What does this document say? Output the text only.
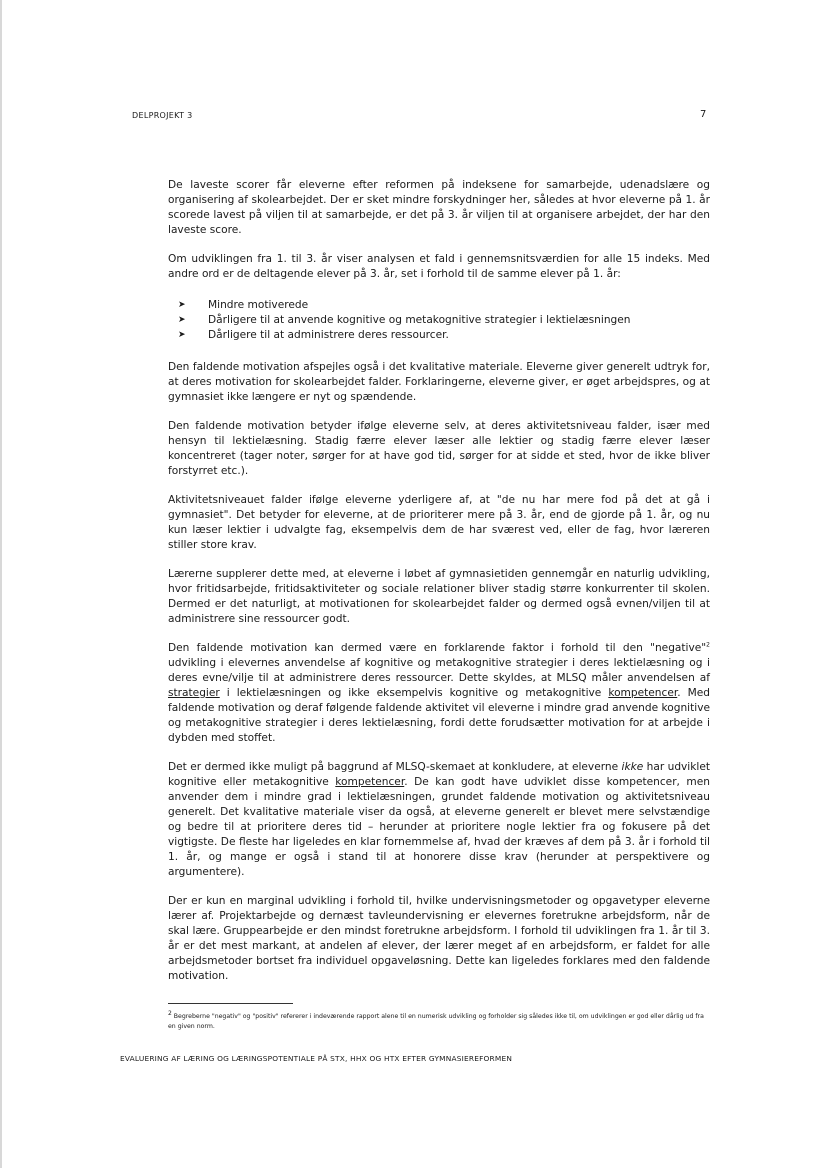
DELPROJEKT 3	7

De laveste scorer får eleverne efter reformen på indeksene for samarbejde, udenadslære og organisering af skolearbejdet. Der er sket mindre forskydninger her, således at hvor eleverne på 1. år scorede lavest på viljen til at samarbejde, er det på 3. år viljen til at organisere arbejdet, der har den laveste score.

Om udviklingen fra 1. til 3. år viser analysen et fald i gennemsnitsværdien for alle 15 indeks. Med andre ord er de deltagende elever på 3. år, set i forhold til de samme elever på 1. år:

➤ Mindre motiverede
➤ Dårligere til at anvende kognitive og metakognitive strategier i lektielæsningen
➤ Dårligere til at administrere deres ressourcer.

Den faldende motivation afspejles også i det kvalitative materiale. Eleverne giver generelt udtryk for, at deres motivation for skolearbejdet falder. Forklaringerne, eleverne giver, er øget arbejdspres, og at gymnasiet ikke længere er nyt og spændende.

Den faldende motivation betyder ifølge eleverne selv, at deres aktivitetsniveau falder, især med hensyn til lektielæsning. Stadig færre elever læser alle lektier og stadig færre elever læser koncentreret (tager noter, sørger for at have god tid, sørger for at sidde et sted, hvor de ikke bliver forstyrret etc.).

Aktivitetsniveauet falder ifølge eleverne yderligere af, at "de nu har mere fod på det at gå i gymnasiet". Det betyder for eleverne, at de prioriterer mere på 3. år, end de gjorde på 1. år, og nu kun læser lektier i udvalgte fag, eksempelvis dem de har sværest ved, eller de fag, hvor læreren stiller store krav.

Lærerne supplerer dette med, at eleverne i løbet af gymnasietiden gennemgår en naturlig udvikling, hvor fritidsarbejde, fritidsaktiviteter og sociale relationer bliver stadig større konkurrenter til skolen. Dermed er det naturligt, at motivationen for skolearbejdet falder og dermed også evnen/viljen til at administrere sine ressourcer godt.

Den faldende motivation kan dermed være en forklarende faktor i forhold til den "negative"$^2$ udvikling i elevernes anvendelse af kognitive og metakognitive strategier i deres lektielæsning og i deres evne/vilje til at administrere deres ressourcer. Dette skyldes, at MLSQ måler anvendelsen af strategier i lektielæsningen og ikke eksempelvis kognitive og metakognitive kompetencer. Med faldende motivation og deraf følgende faldende aktivitet vil eleverne i mindre grad anvende kognitive og metakognitive strategier i deres lektielæsning, fordi dette forudsætter motivation for at arbejde i dybden med stoffet.

Det er dermed ikke muligt på baggrund af MLSQ-skemaet at konkludere, at eleverne ikke har udviklet kognitive eller metakognitive kompetencer. De kan godt have udviklet disse kompetencer, men anvender dem i mindre grad i lektielæsningen, grundet faldende motivation og aktivitetsniveau generelt. Det kvalitative materiale viser da også, at eleverne generelt er blevet mere selvstændige og bedre til at prioritere deres tid – herunder at prioritere nogle lektier fra og fokusere på det vigtigste. De fleste har ligeledes en klar fornemmelse af, hvad der kræves af dem på 3. år i forhold til 1. år, og mange er også i stand til at honorere disse krav (herunder at perspektivere og argumentere).

Der er kun en marginal udvikling i forhold til, hvilke undervisningsmetoder og opgavetyper eleverne lærer af. Projektarbejde og dernæst tavleundervisning er elevernes foretrukne arbejdsform, når de skal lære. Gruppearbejde er den mindst foretrukne arbejdsform. I forhold til udviklingen fra 1. år til 3. år er det mest markant, at andelen af elever, der lærer meget af en arbejdsform, er faldet for alle arbejdsmetoder bortset fra individuel opgaveløsning. Dette kan ligeledes forklares med den faldende motivation.

$^2$ Begreberne "negativ" og "positiv" refererer i indeværende rapport alene til en numerisk udvikling og forholder sig således ikke til, om udviklingen er god eller dårlig ud fra en given norm.
EVALUERING AF LÆRING OG LÆRINGSPOTENTIALE PÅ STX, HHX OG HTX EFTER GYMNASIEREFORMEN
